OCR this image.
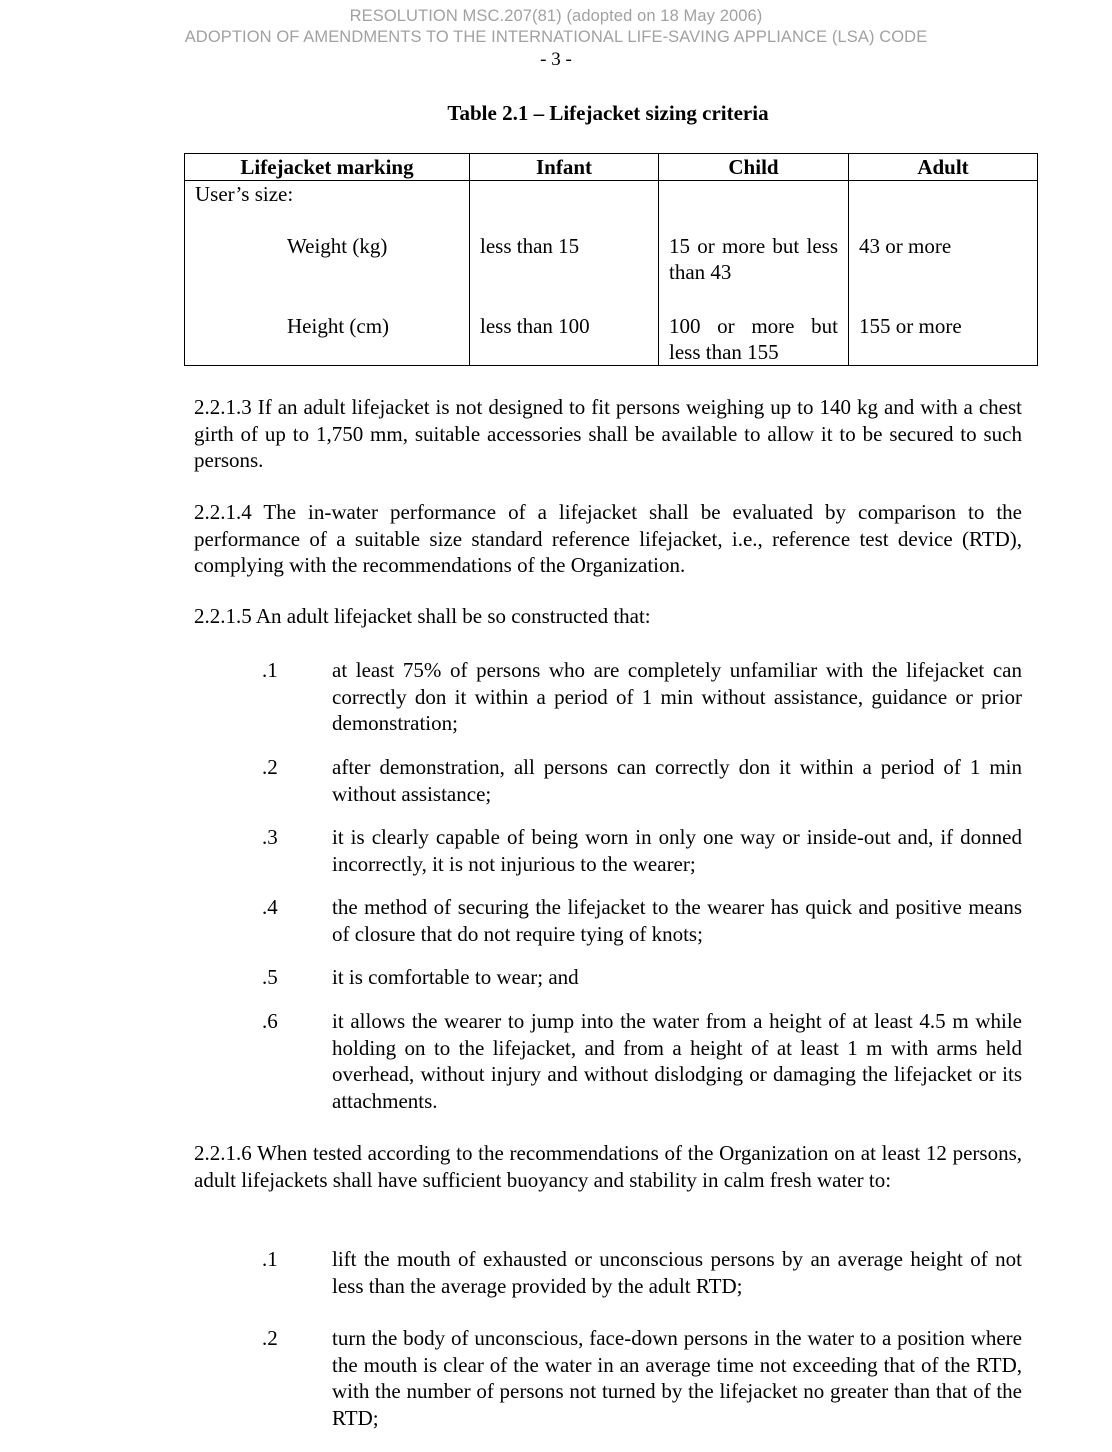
RESOLUTION MSC.207(81) (adopted on 18 May 2006)
ADOPTION OF AMENDMENTS TO THE INTERNATIONAL LIFE-SAVING APPLIANCE (LSA) CODE
- 3 -
Table 2.1 – Lifejacket sizing criteria
Lifejacket marking	Infant	Child	Adult
User’s size:			
Weight (kg)	less than 15	15 or more but less than 43	43 or more
Height (cm)	less than 100	100 or more but less than 155	155 or more

2.2.1.3 If an adult lifejacket is not designed to fit persons weighing up to 140 kg and with a chest girth of up to 1,750 mm, suitable accessories shall be available to allow it to be secured to such persons.

2.2.1.4 The in-water performance of a lifejacket shall be evaluated by comparison to the performance of a suitable size standard reference lifejacket, i.e., reference test device (RTD), complying with the recommendations of the Organization.

2.2.1.5 An adult lifejacket shall be so constructed that:

.1	at least 75% of persons who are completely unfamiliar with the lifejacket can correctly don it within a period of 1 min without assistance, guidance or prior demonstration;

.2	after demonstration, all persons can correctly don it within a period of 1 min without assistance;

.3	it is clearly capable of being worn in only one way or inside-out and, if donned incorrectly, it is not injurious to the wearer;

.4	the method of securing the lifejacket to the wearer has quick and positive means of closure that do not require tying of knots;

.5	it is comfortable to wear; and

.6	it allows the wearer to jump into the water from a height of at least 4.5 m while holding on to the lifejacket, and from a height of at least 1 m with arms held overhead, without injury and without dislodging or damaging the lifejacket or its attachments.

2.2.1.6 When tested according to the recommendations of the Organization on at least 12 persons, adult lifejackets shall have sufficient buoyancy and stability in calm fresh water to:

.1	lift the mouth of exhausted or unconscious persons by an average height of not less than the average provided by the adult RTD;

.2	turn the body of unconscious, face-down persons in the water to a position where the mouth is clear of the water in an average time not exceeding that of the RTD, with the number of persons not turned by the lifejacket no greater than that of the RTD;
